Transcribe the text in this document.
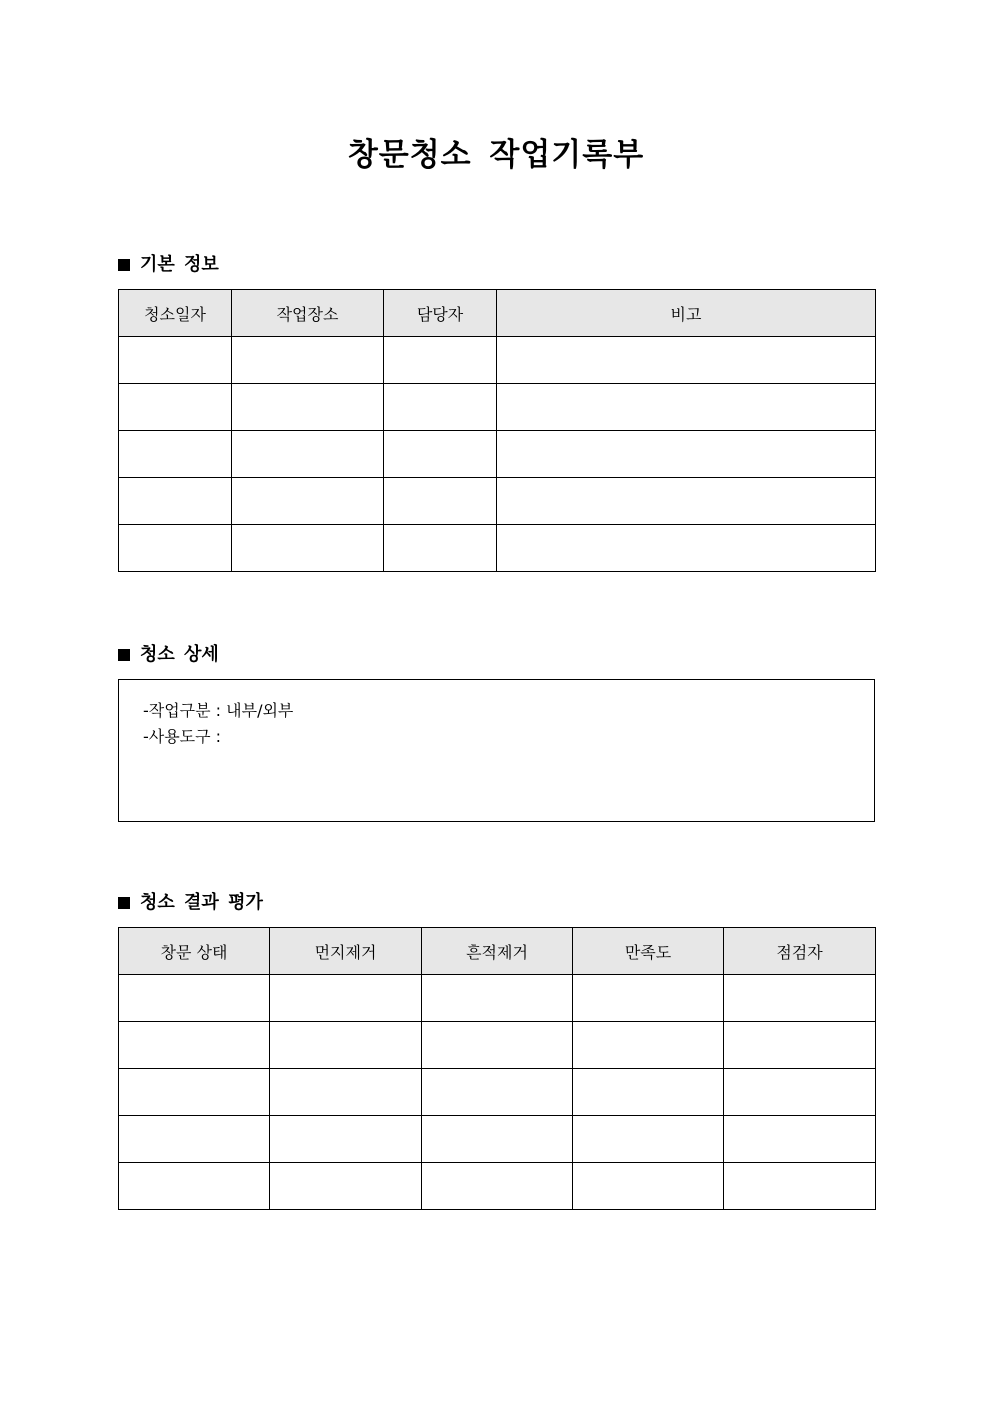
창문청소 작업기록부
기본 정보
청소일자	작업장소	담당자	비고

청소 상세
-작업구분 : 내부/외부
-사용도구 :
청소 결과 평가
창문 상태	먼지제거	흔적제거	만족도	점검자
